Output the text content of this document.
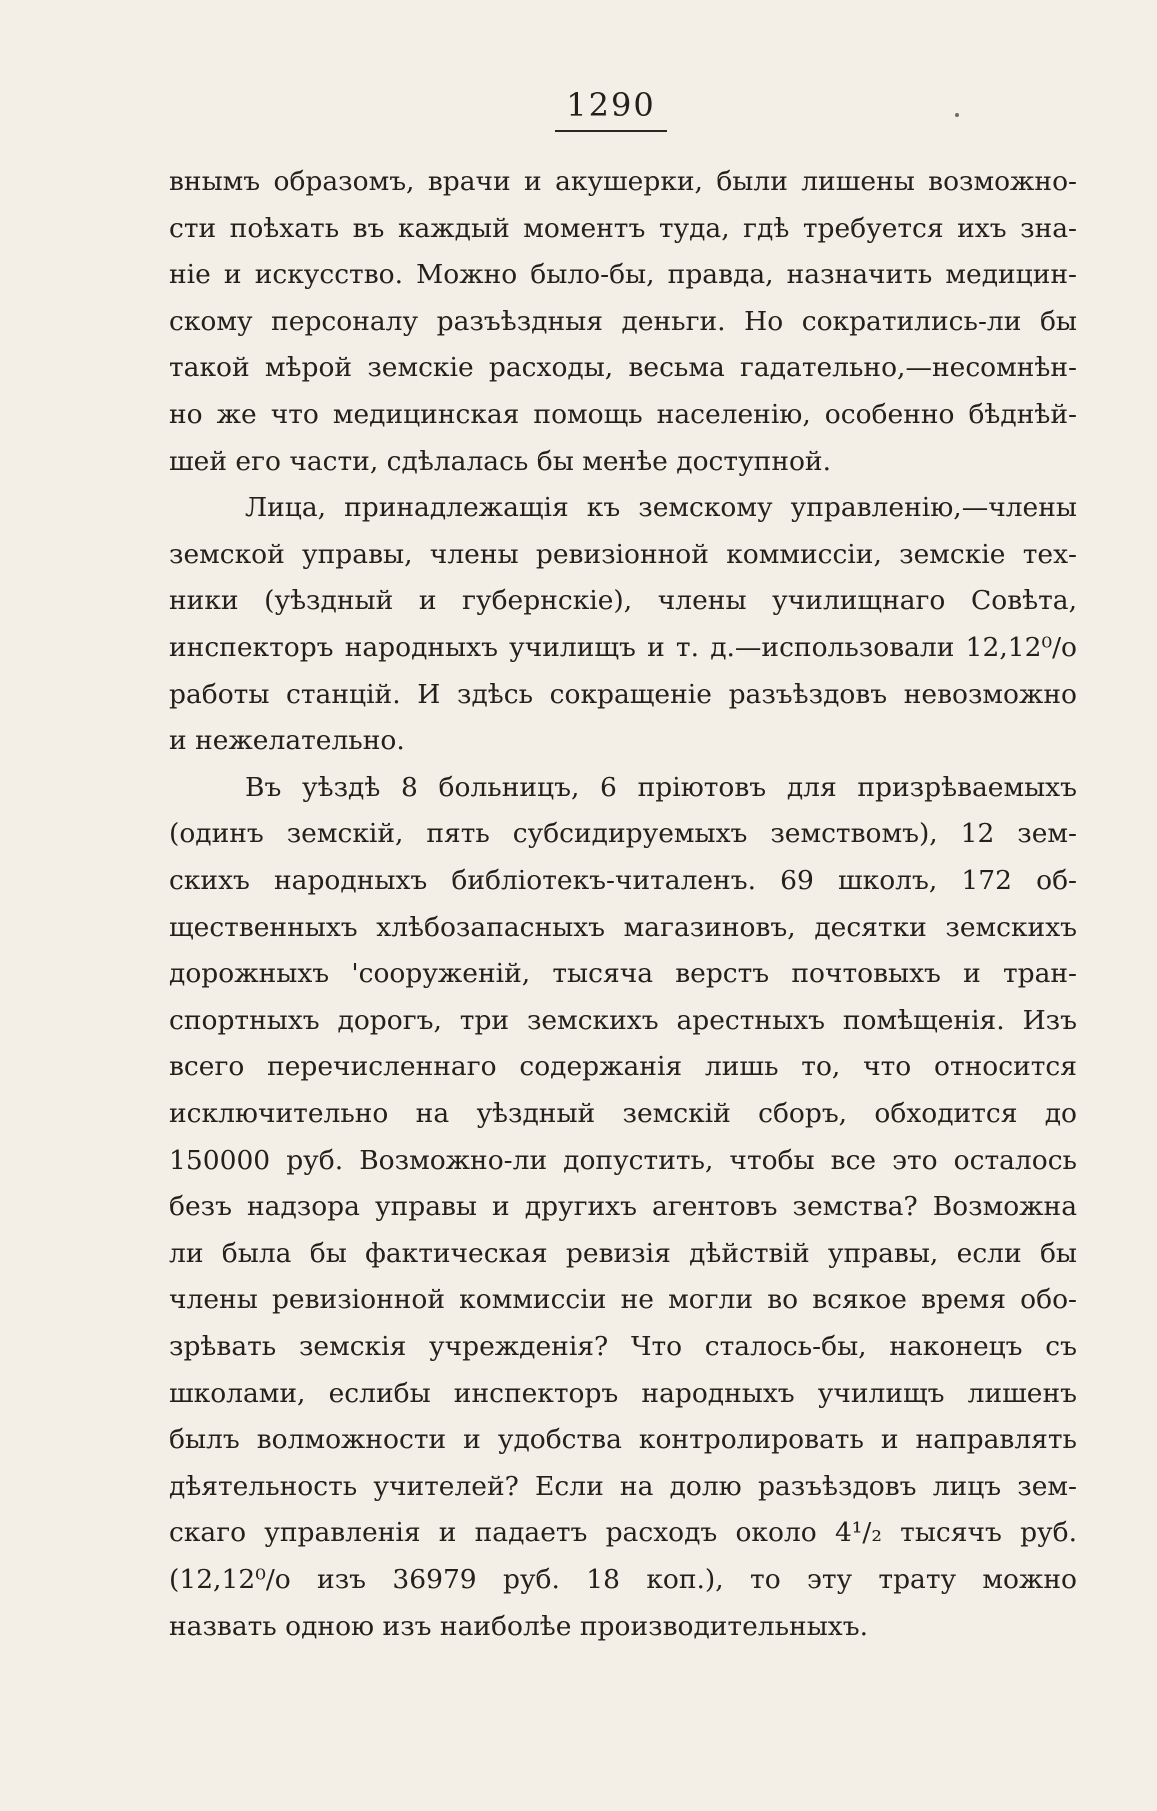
1290
внымъ образомъ, врачи и акушерки, были лишены возможно-
сти поѣхать въ каждый моментъ туда, гдѣ требуется ихъ зна-
ніе и искусство. Можно было-бы, правда, назначить медицин-
скому персоналу разъѣздныя деньги. Но сократились-ли бы
такой мѣрой земскіе расходы, весьма гадательно,—несомнѣн-
но же что медицинская помощь населенію, особенно бѣднѣй-
шей его части, сдѣлалась бы менѣе доступной.
Лица, принадлежащія къ земскому управленію,—члены
земской управы, члены ревизіонной коммиссіи, земскіе тех-
ники (уѣздный и губернскіе), члены училищнаго Совѣта,
инспекторъ народныхъ училищъ и т. д.—использовали 12,12⁰/о
работы станцій. И здѣсь сокращеніе разъѣздовъ невозможно
и нежелательно.
Въ уѣздѣ 8 больницъ, 6 пріютовъ для призрѣваемыхъ
(одинъ земскій, пять субсидируемыхъ земствомъ), 12 зем-
скихъ народныхъ библіотекъ-читаленъ. 69 школъ, 172 об-
щественныхъ хлѣбозапасныхъ магазиновъ, десятки земскихъ
дорожныхъ 'сооруженій, тысяча верстъ почтовыхъ и тран-
спортныхъ дорогъ, три земскихъ арестныхъ помѣщенія. Изъ
всего перечисленнаго содержанія лишь то, что относится
исключительно на уѣздный земскій сборъ, обходится до
150000 руб. Возможно-ли допустить, чтобы все это осталось
безъ надзора управы и другихъ агентовъ земства? Возможна
ли была бы фактическая ревизія дѣйствій управы, если бы
члены ревизіонной коммиссіи не могли во всякое время обо-
зрѣвать земскія учрежденія? Что сталось-бы, наконецъ съ
школами, еслибы инспекторъ народныхъ училищъ лишенъ
былъ волможности и удобства контролировать и направлять
дѣятельность учителей? Если на долю разъѣздовъ лицъ зем-
скаго управленія и падаетъ расходъ около 4¹/₂ тысячъ руб.
(12,12⁰/о изъ 36979 руб. 18 коп.), то эту трату можно
назвать одною изъ наиболѣе производительныхъ.
